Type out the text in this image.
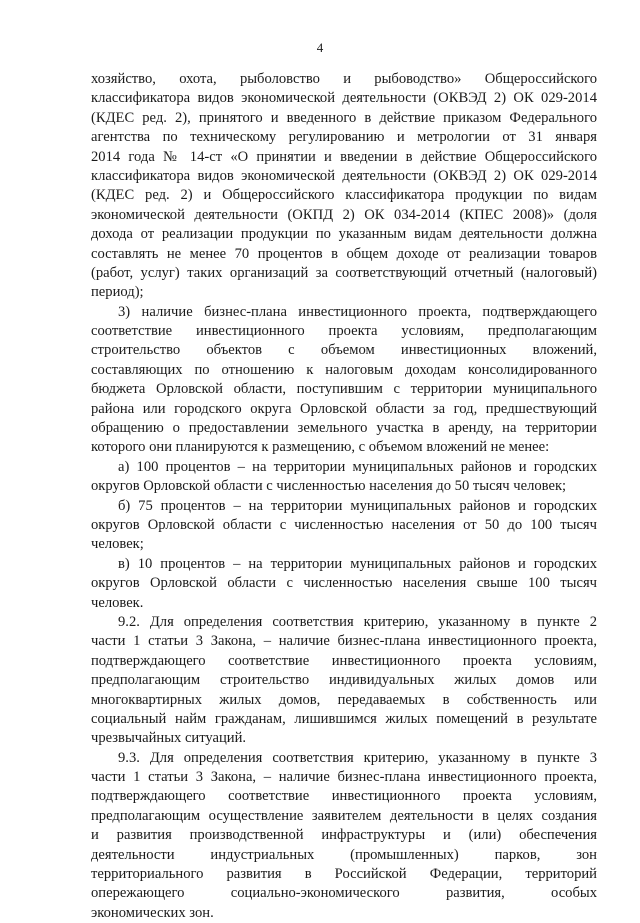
4
хозяйство, охота, рыболовство и рыбоводство» Общероссийского
классификатора видов экономической деятельности (ОКВЭД 2) ОК 029-2014
(КДЕС ред. 2), принятого и введенного в действие приказом Федерального
агентства по техническому регулированию и метрологии от 31 января
2014 года № 14-ст «О принятии и введении в действие Общероссийского
классификатора видов экономической деятельности (ОКВЭД 2) ОК 029-2014
(КДЕС ред. 2) и Общероссийского классификатора продукции по видам
экономической деятельности (ОКПД 2) ОК 034-2014 (КПЕС 2008)» (доля
дохода от реализации продукции по указанным видам деятельности должна
составлять не менее 70 процентов в общем доходе от реализации товаров
(работ, услуг) таких организаций за соответствующий отчетный (налоговый)
период);
3) наличие бизнес-плана инвестиционного проекта, подтверждающего
соответствие инвестиционного проекта условиям, предполагающим
строительство объектов с объемом инвестиционных вложений,
составляющих по отношению к налоговым доходам консолидированного
бюджета Орловской области, поступившим с территории муниципального
района или городского округа Орловской области за год, предшествующий
обращению о предоставлении земельного участка в аренду, на территории
которого они планируются к размещению, с объемом вложений не менее:
а) 100 процентов – на территории муниципальных районов и городских
округов Орловской области с численностью населения до 50 тысяч человек;
б) 75 процентов – на территории муниципальных районов и городских
округов Орловской области с численностью населения от 50 до 100 тысяч
человек;
в) 10 процентов – на территории муниципальных районов и городских
округов Орловской области с численностью населения свыше 100 тысяч
человек.
9.2. Для определения соответствия критерию, указанному в пункте 2
части 1 статьи 3 Закона, – наличие бизнес-плана инвестиционного проекта,
подтверждающего соответствие инвестиционного проекта условиям,
предполагающим строительство индивидуальных жилых домов или
многоквартирных жилых домов, передаваемых в собственность или
социальный найм гражданам, лишившимся жилых помещений в результате
чрезвычайных ситуаций.
9.3. Для определения соответствия критерию, указанному в пункте 3
части 1 статьи 3 Закона, – наличие бизнес-плана инвестиционного проекта,
подтверждающего соответствие инвестиционного проекта условиям,
предполагающим осуществление заявителем деятельности в целях создания
и развития производственной инфраструктуры и (или) обеспечения
деятельности индустриальных (промышленных) парков, зон
территориального развития в Российской Федерации, территорий
опережающего социально-экономического развития, особых
экономических зон.
